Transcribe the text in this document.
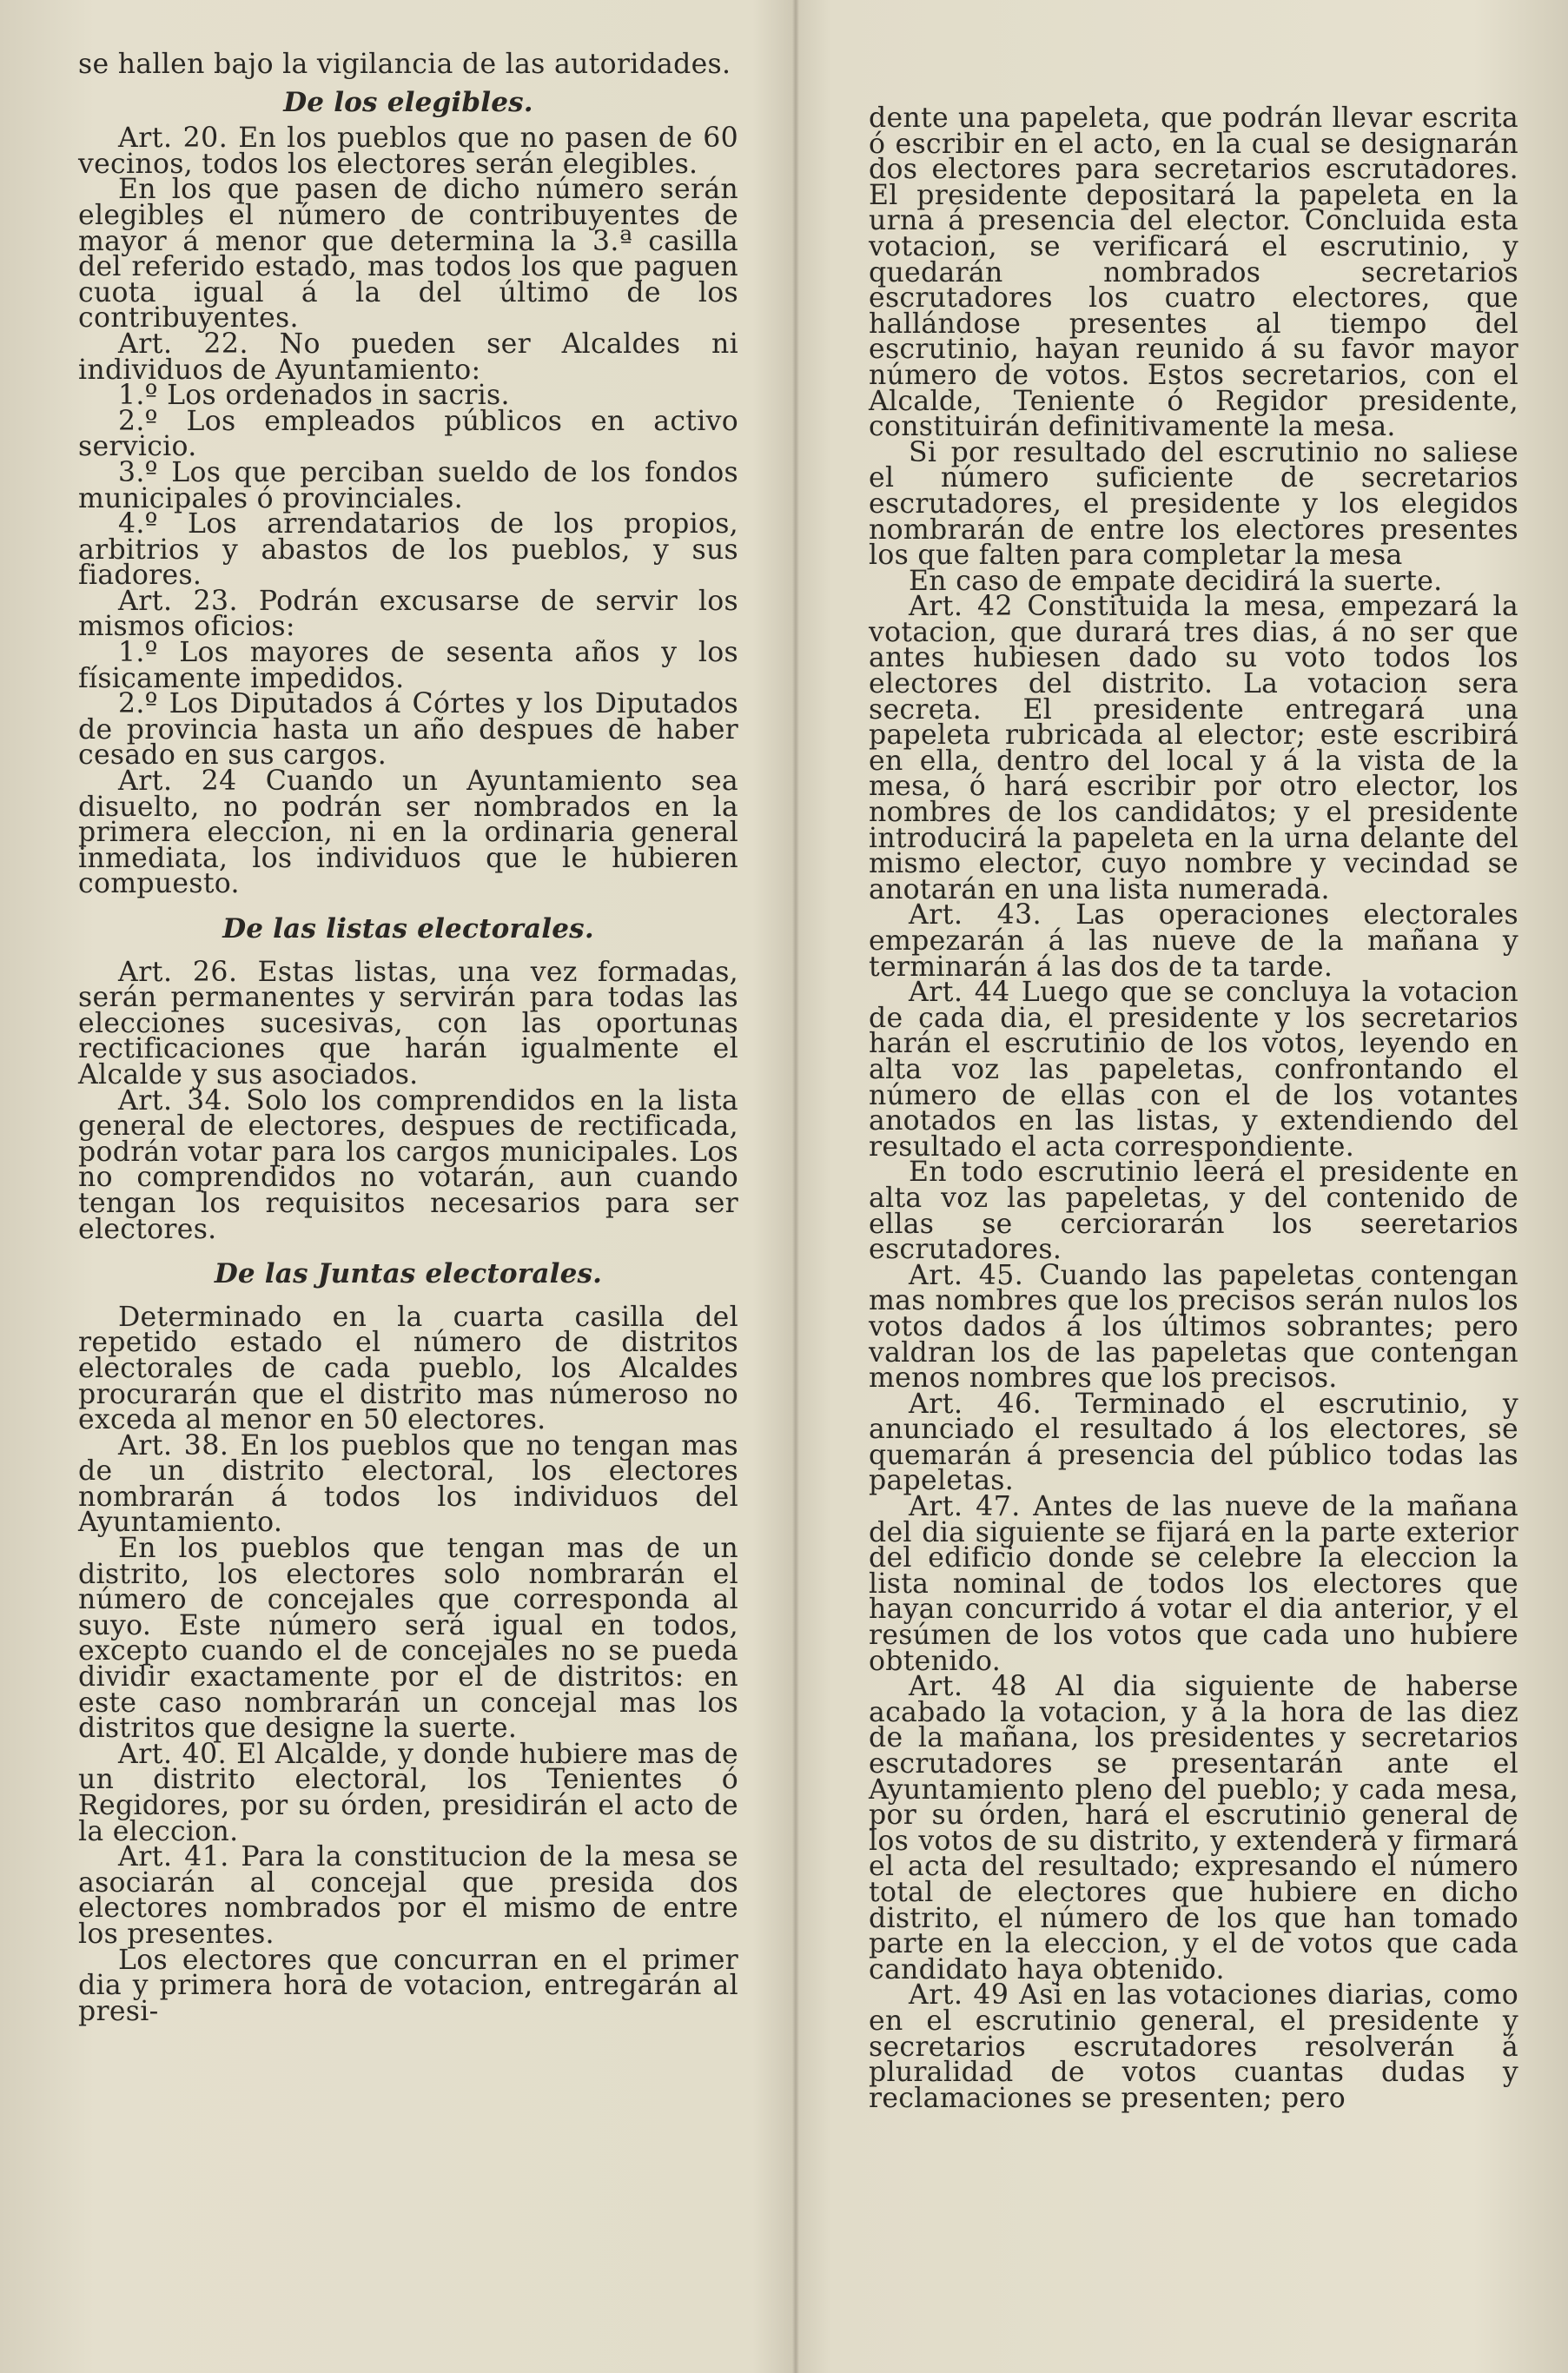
se hallen bajo la vigilancia de las autoridades.

De los elegibles.

Art. 20. En los pueblos que no pasen de 60 vecinos, todos los electores serán elegibles.

En los que pasen de dicho número serán elegibles el número de contribuyentes de mayor á menor que determina la 3.ª casilla del referido estado, mas todos los que paguen cuota igual á la del último de los contribuyentes.

Art. 22. No pueden ser Alcaldes ni individuos de Ayuntamiento:

1.º Los ordenados in sacris.

2.º Los empleados públicos en activo servicio.

3.º Los que perciban sueldo de los fondos municipales ó provinciales.

4.º Los arrendatarios de los propios, arbitrios y abastos de los pueblos, y sus fiadores.

Art. 23. Podrán excusarse de servir los mismos oficios:

1.º Los mayores de sesenta años y los físicamente impedidos.

2.º Los Diputados á Córtes y los Diputados de provincia hasta un año despues de haber cesado en sus cargos.

Art. 24 Cuando un Ayuntamiento sea disuelto, no podrán ser nombrados en la primera eleccion, ni en la ordinaria general inmediata, los individuos que le hubieren compuesto.

De las listas electorales.

Art. 26. Estas listas, una vez formadas, serán permanentes y servirán para todas las elecciones sucesivas, con las oportunas rectificaciones que harán igualmente el Alcalde y sus asociados.

Art. 34. Solo los comprendidos en la lista general de electores, despues de rectificada, podrán votar para los cargos municipales. Los no comprendidos no votarán, aun cuando tengan los requisitos necesarios para ser electores.

De las Juntas electorales.

Determinado en la cuarta casilla del repetido estado el número de distritos electorales de cada pueblo, los Alcaldes procurarán que el distrito mas númeroso no exceda al menor en 50 electores.

Art. 38. En los pueblos que no tengan mas de un distrito electoral, los electores nombrarán á todos los individuos del Ayuntamiento.

En los pueblos que tengan mas de un distrito, los electores solo nombrarán el número de concejales que corresponda al suyo. Este número será igual en todos, excepto cuando el de concejales no se pueda dividir exactamente por el de distritos: en este caso nombrarán un concejal mas los distritos que designe la suerte.

Art. 40. El Alcalde, y donde hubiere mas de un distrito electoral, los Tenientes ó Regidores, por su órden, presidirán el acto de la eleccion.

Art. 41. Para la constitucion de la mesa se asociarán al concejal que presida dos electores nombrados por el mismo de entre los presentes.

Los electores que concurran en el primer dia y primera hora de votacion, entregarán al presi-

dente una papeleta, que podrán llevar escrita ó escribir en el acto, en la cual se designarán dos electores para secretarios escrutadores. El presidente depositará la papeleta en la urna á presencia del elector. Concluida esta votacion, se verificará el escrutinio, y quedarán nombrados secretarios escrutadores los cuatro electores, que hallándose presentes al tiempo del escrutinio, hayan reunido á su favor mayor número de votos. Estos secretarios, con el Alcalde, Teniente ó Regidor presidente, constituirán definitivamente la mesa.

Si por resultado del escrutinio no saliese el número suficiente de secretarios escrutadores, el presidente y los elegidos nombrarán de entre los electores presentes los que falten para completar la mesa

En caso de empate decidirá la suerte.

Art. 42 Constituida la mesa, empezará la votacion, que durará tres dias, á no ser que antes hubiesen dado su voto todos los electores del distrito. La votacion sera secreta. El presidente entregará una papeleta rubricada al elector; este escribirá en ella, dentro del local y á la vista de la mesa, ó hará escribir por otro elector, los nombres de los candidatos; y el presidente introducirá la papeleta en la urna delante del mismo elector, cuyo nombre y vecindad se anotarán en una lista numerada.

Art. 43. Las operaciones electorales empezarán á las nueve de la mañana y terminarán á las dos de ta tarde.

Art. 44 Luego que se concluya la votacion de cada dia, el presidente y los secretarios harán el escrutinio de los votos, leyendo en alta voz las papeletas, confrontando el número de ellas con el de los votantes anotados en las listas, y extendiendo del resultado el acta correspondiente.

En todo escrutinio leerá el presidente en alta voz las papeletas, y del contenido de ellas se cerciorarán los seeretarios escrutadores.

Art. 45. Cuando las papeletas contengan mas nombres que los precisos serán nulos los votos dados á los últimos sobrantes; pero valdran los de las papeletas que contengan menos nombres que los precisos.

Art. 46. Terminado el escrutinio, y anunciado el resultado á los electores, se quemarán á presencia del público todas las papeletas.

Art. 47. Antes de las nueve de la mañana del dia siguiente se fijará en la parte exterior del edificio donde se celebre la eleccion la lista nominal de todos los electores que hayan concurrido á votar el dia anterior, y el resúmen de los votos que cada uno hubiere obtenido.

Art. 48 Al dia siguiente de haberse acabado la votacion, y á la hora de las diez de la mañana, los presidentes y secretarios escrutadores se presentarán ante el Ayuntamiento pleno del pueblo; y cada mesa, por su órden, hará el escrutinio general de los votos de su distrito, y extenderá y firmará el acta del resultado; expresando el número total de electores que hubiere en dicho distrito, el número de los que han tomado parte en la eleccion, y el de votos que cada candidato haya obtenido.

Art. 49 Asi en las votaciones diarias, como en el escrutinio general, el presidente y secretarios escrutadores resolverán á pluralidad de votos cuantas dudas y reclamaciones se presenten; pero
